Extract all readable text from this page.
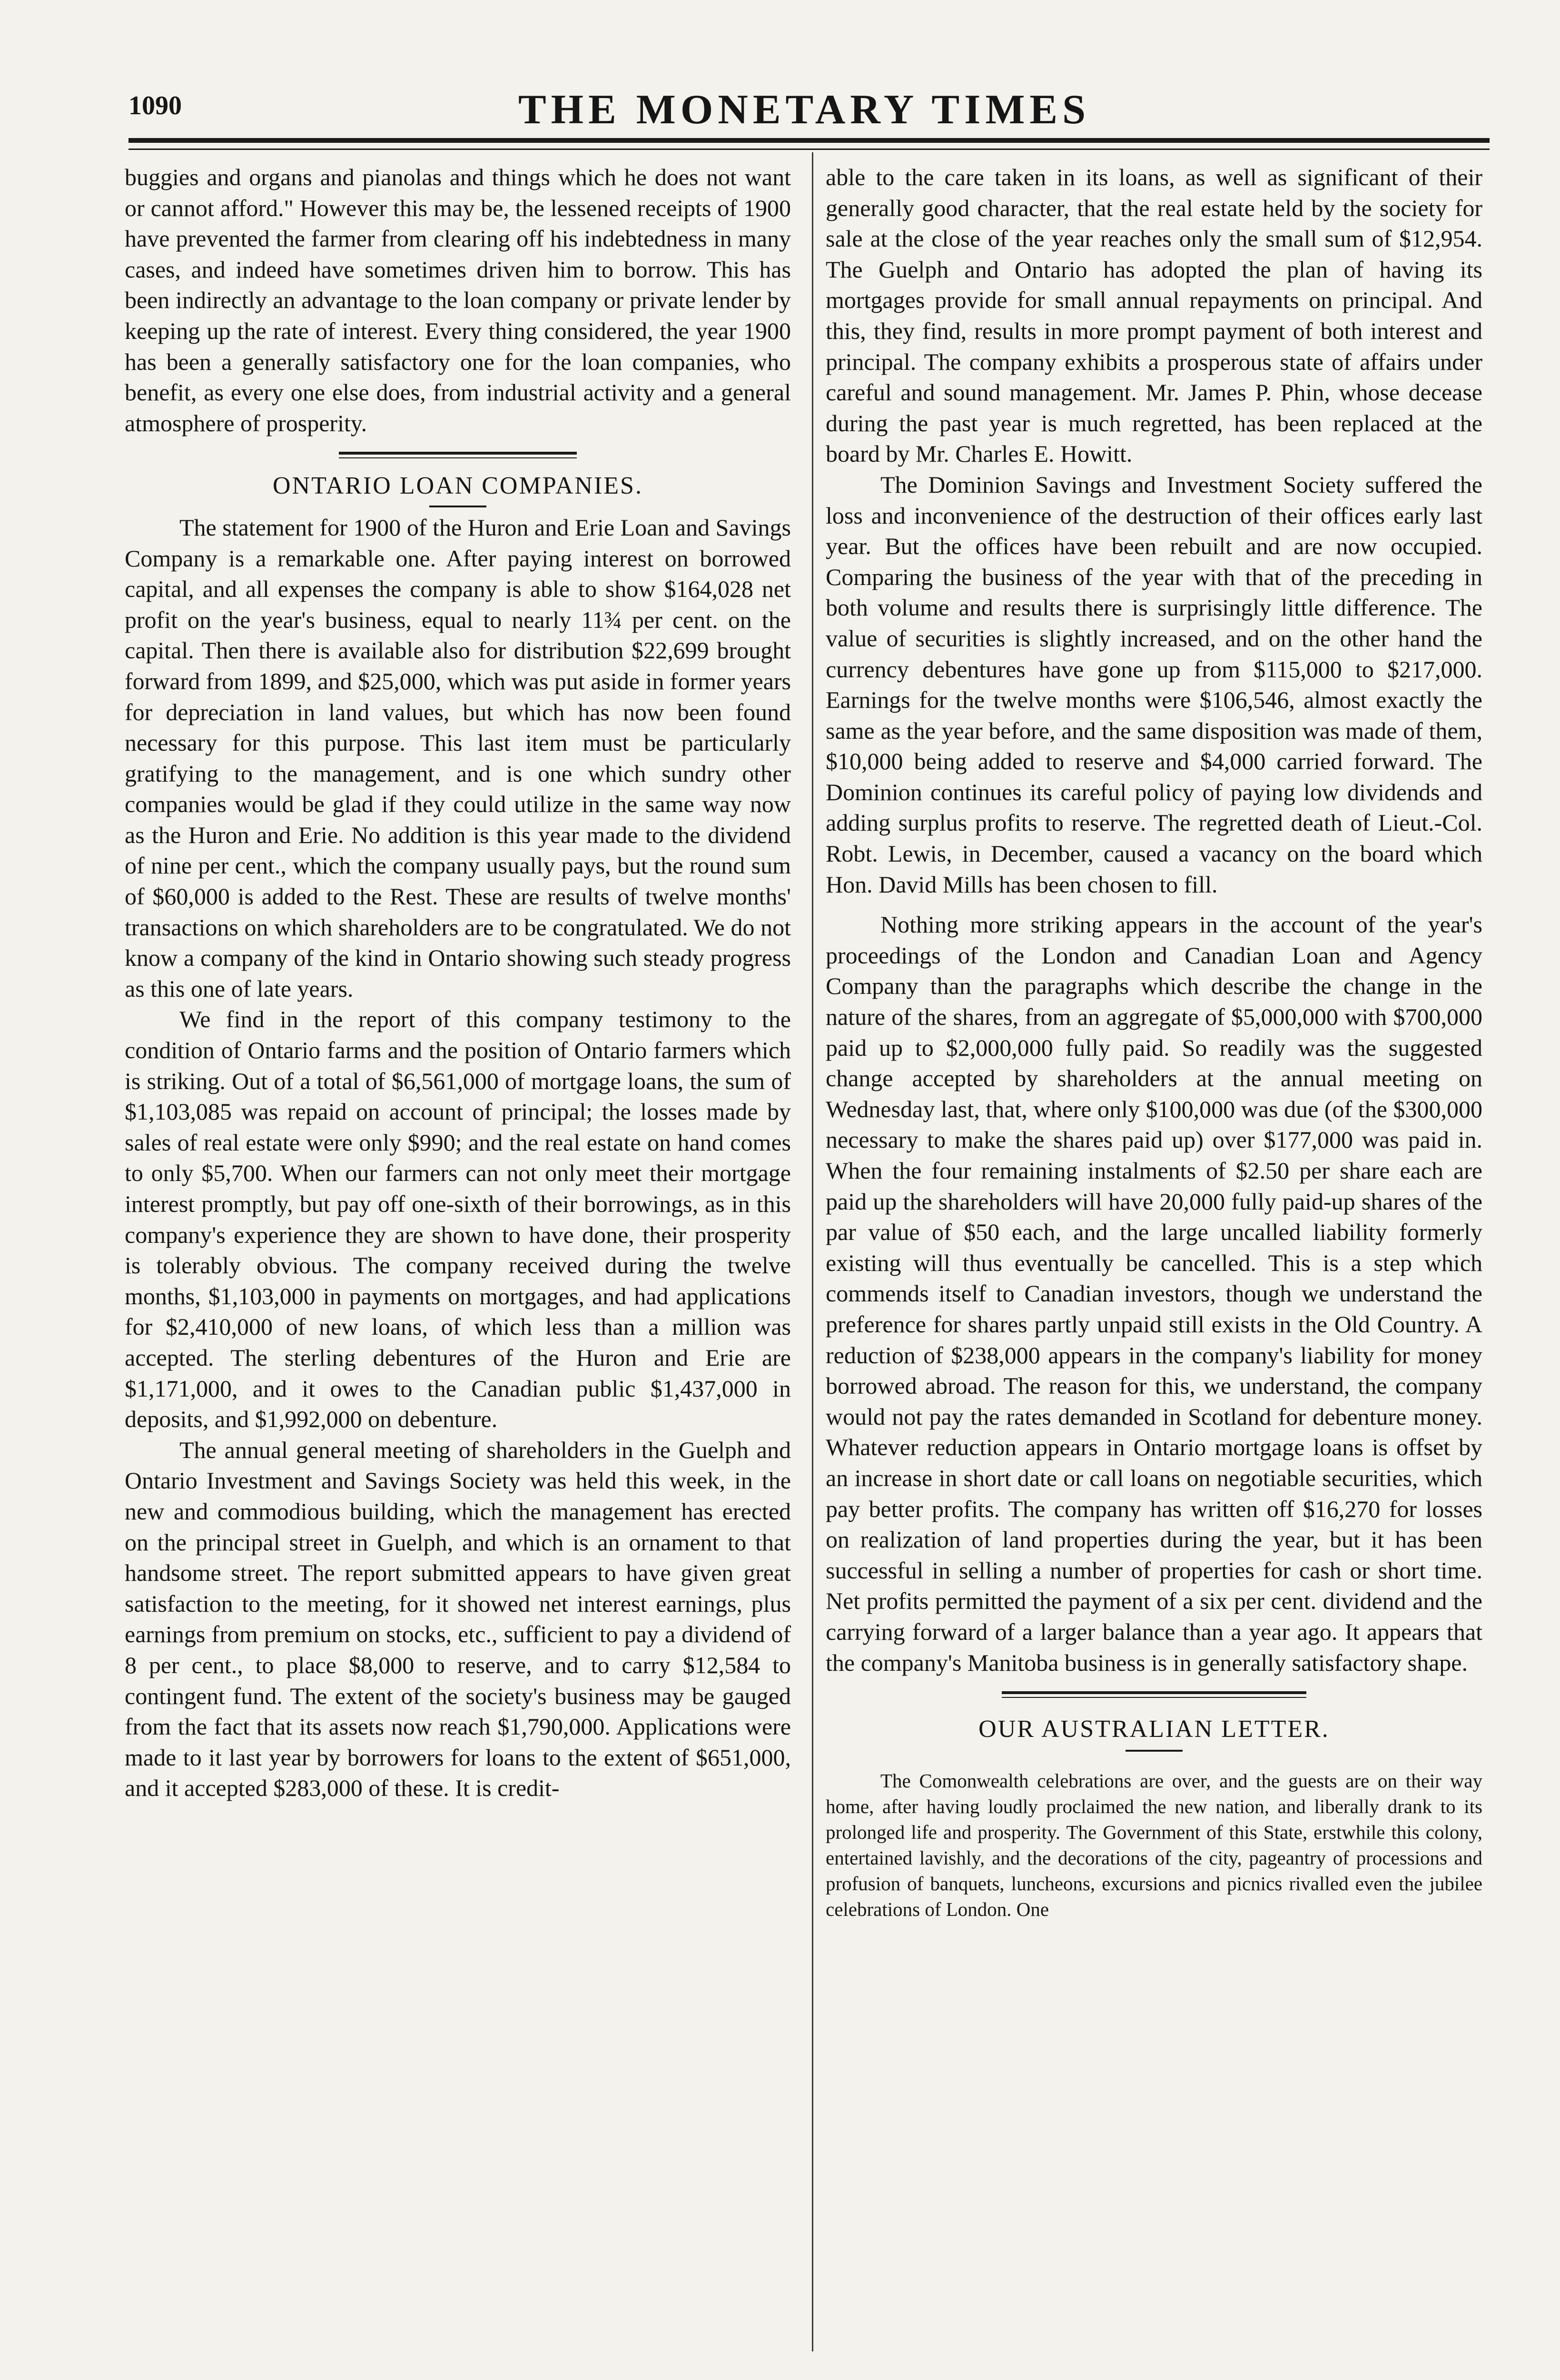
1090	THE MONETARY TIMES

buggies and organs and pianolas and things which he does not want or cannot afford." However this may be, the lessened receipts of 1900 have prevented the farmer from clearing off his indebtedness in many cases, and indeed have sometimes driven him to borrow. This has been indirectly an advantage to the loan company or private lender by keeping up the rate of interest. Every thing considered, the year 1900 has been a generally satisfactory one for the loan companies, who benefit, as every one else does, from industrial activity and a general atmosphere of prosperity.

ONTARIO LOAN COMPANIES.

The statement for 1900 of the Huron and Erie Loan and Savings Company is a remarkable one. After paying interest on borrowed capital, and all expenses the company is able to show $164,028 net profit on the year's business, equal to nearly 11¾ per cent. on the capital. Then there is available also for distribution $22,699 brought forward from 1899, and $25,000, which was put aside in former years for depreciation in land values, but which has now been found necessary for this purpose. This last item must be particularly gratifying to the management, and is one which sundry other companies would be glad if they could utilize in the same way now as the Huron and Erie. No addition is this year made to the dividend of nine per cent., which the company usually pays, but the round sum of $60,000 is added to the Rest. These are results of twelve months' transactions on which shareholders are to be congratulated. We do not know a company of the kind in Ontario showing such steady progress as this one of late years.

We find in the report of this company testimony to the condition of Ontario farms and the position of Ontario farmers which is striking. Out of a total of $6,561,000 of mortgage loans, the sum of $1,103,085 was repaid on account of principal; the losses made by sales of real estate were only $990; and the real estate on hand comes to only $5,700. When our farmers can not only meet their mortgage interest promptly, but pay off one-sixth of their borrowings, as in this company's experience they are shown to have done, their prosperity is tolerably obvious. The company received during the twelve months, $1,103,000 in payments on mortgages, and had applications for $2,410,000 of new loans, of which less than a million was accepted. The sterling debentures of the Huron and Erie are $1,171,000, and it owes to the Canadian public $1,437,000 in deposits, and $1,992,000 on debenture.

The annual general meeting of shareholders in the Guelph and Ontario Investment and Savings Society was held this week, in the new and commodious building, which the management has erected on the principal street in Guelph, and which is an ornament to that handsome street. The report submitted appears to have given great satisfaction to the meeting, for it showed net interest earnings, plus earnings from premium on stocks, etc., sufficient to pay a dividend of 8 per cent., to place $8,000 to reserve, and to carry $12,584 to contingent fund. The extent of the society's business may be gauged from the fact that its assets now reach $1,790,000. Applications were made to it last year by borrowers for loans to the extent of $651,000, and it accepted $283,000 of these. It is credit-

able to the care taken in its loans, as well as significant of their generally good character, that the real estate held by the society for sale at the close of the year reaches only the small sum of $12,954. The Guelph and Ontario has adopted the plan of having its mortgages provide for small annual repayments on principal. And this, they find, results in more prompt payment of both interest and principal. The company exhibits a prosperous state of affairs under careful and sound management. Mr. James P. Phin, whose decease during the past year is much regretted, has been replaced at the board by Mr. Charles E. Howitt.

The Dominion Savings and Investment Society suffered the loss and inconvenience of the destruction of their offices early last year. But the offices have been rebuilt and are now occupied. Comparing the business of the year with that of the preceding in both volume and results there is surprisingly little difference. The value of securities is slightly increased, and on the other hand the currency debentures have gone up from $115,000 to $217,000. Earnings for the twelve months were $106,546, almost exactly the same as the year before, and the same disposition was made of them, $10,000 being added to reserve and $4,000 carried forward. The Dominion continues its careful policy of paying low dividends and adding surplus profits to reserve. The regretted death of Lieut.-Col. Robt. Lewis, in December, caused a vacancy on the board which Hon. David Mills has been chosen to fill.

Nothing more striking appears in the account of the year's proceedings of the London and Canadian Loan and Agency Company than the paragraphs which describe the change in the nature of the shares, from an aggregate of $5,000,000 with $700,000 paid up to $2,000,000 fully paid. So readily was the suggested change accepted by shareholders at the annual meeting on Wednesday last, that, where only $100,000 was due (of the $300,000 necessary to make the shares paid up) over $177,000 was paid in. When the four remaining instalments of $2.50 per share each are paid up the shareholders will have 20,000 fully paid-up shares of the par value of $50 each, and the large uncalled liability formerly existing will thus eventually be cancelled. This is a step which commends itself to Canadian investors, though we understand the preference for shares partly unpaid still exists in the Old Country. A reduction of $238,000 appears in the company's liability for money borrowed abroad. The reason for this, we understand, the company would not pay the rates demanded in Scotland for debenture money. Whatever reduction appears in Ontario mortgage loans is offset by an increase in short date or call loans on negotiable securities, which pay better profits. The company has written off $16,270 for losses on realization of land properties during the year, but it has been successful in selling a number of properties for cash or short time. Net profits permitted the payment of a six per cent. dividend and the carrying forward of a larger balance than a year ago. It appears that the company's Manitoba business is in generally satisfactory shape.

OUR AUSTRALIAN LETTER.

The Comonwealth celebrations are over, and the guests are on their way home, after having loudly proclaimed the new nation, and liberally drank to its prolonged life and prosperity. The Government of this State, erstwhile this colony, entertained lavishly, and the decorations of the city, pageantry of processions and profusion of banquets, luncheons, excursions and picnics rivalled even the jubilee celebrations of London. One
